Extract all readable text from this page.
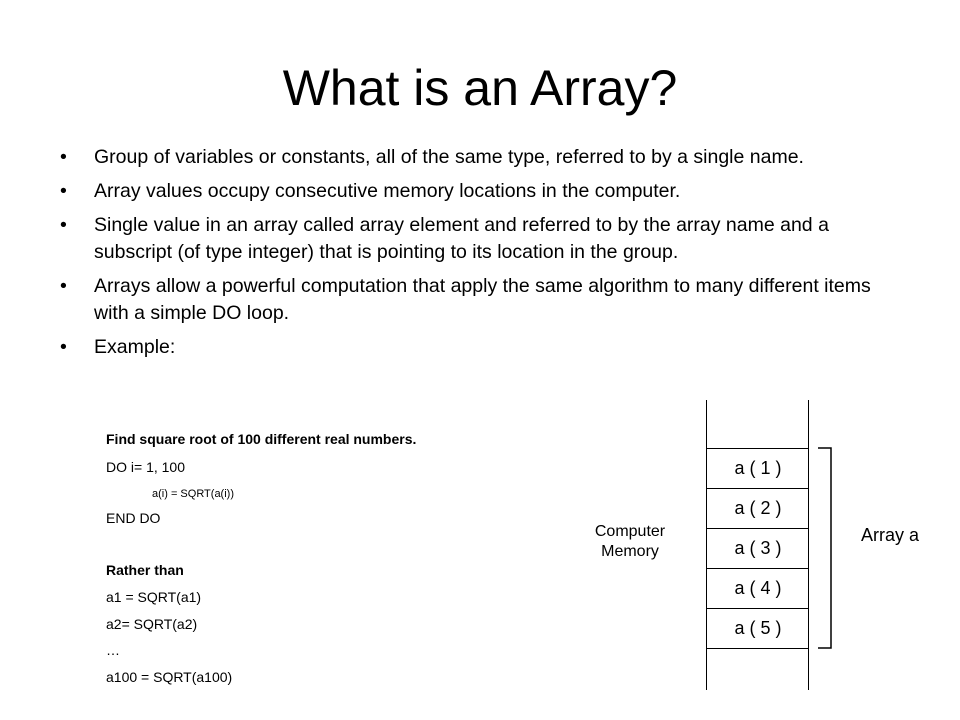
What is an Array?
• Group of variables or constants, all of the same type, referred to by a single name.
• Array values occupy consecutive memory locations in the computer.
• Single value in an array called array element and referred to by the array name and a subscript (of type integer) that is pointing to its location in the group.
• Arrays allow a powerful computation that apply the same algorithm to many different items with a simple DO loop.
• Example:
Find square root of 100 different real numbers.
DO i= 1, 100
a(i) = SQRT(a(i))
END DO
Rather than
a1 = SQRT(a1)
a2= SQRT(a2)
…
a100 = SQRT(a100)
a ( 1 )
a ( 2 )
a ( 3 )
a ( 4 )
a ( 5 )
Computer
Memory
Array a
